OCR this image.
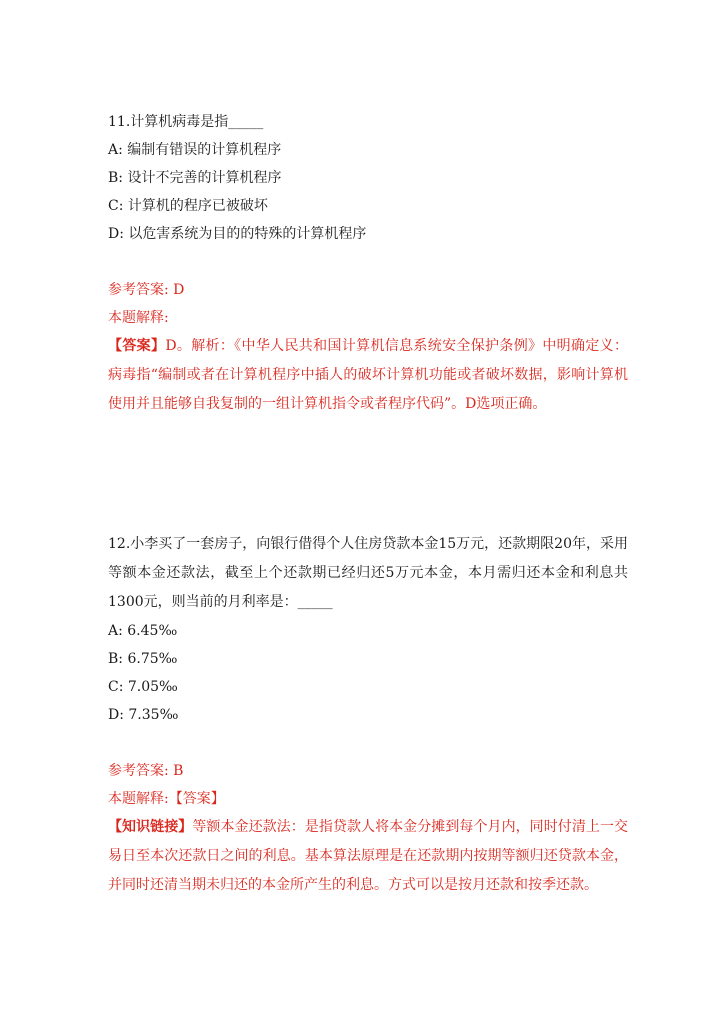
11.计算机病毒是指_____
A: 编制有错误的计算机程序
B: 设计不完善的计算机程序
C: 计算机的程序已被破坏
D: 以危害系统为目的的特殊的计算机程序
参考答案: D
本题解释:
【答案】D。解析：《中华人民共和国计算机信息系统安全保护条例》中明确定义：病毒指“编制或者在计算机程序中插人的破坏计算机功能或者破坏数据，影响计算机使用并且能够自我复制的一组计算机指令或者程序代码”。D选项正确。
12.小李买了一套房子，向银行借得个人住房贷款本金15万元，还款期限20年，采用等额本金还款法，截至上个还款期已经归还5万元本金，本月需归还本金和利息共1300元，则当前的月利率是：_____
A: 6.45‰
B: 6.75‰
C: 7.05‰
D: 7.35‰
参考答案: B
本题解释:【答案】
【知识链接】等额本金还款法：是指贷款人将本金分摊到每个月内，同时付清上一交易日至本次还款日之间的利息。基本算法原理是在还款期内按期等额归还贷款本金，并同时还清当期未归还的本金所产生的利息。方式可以是按月还款和按季还款。
